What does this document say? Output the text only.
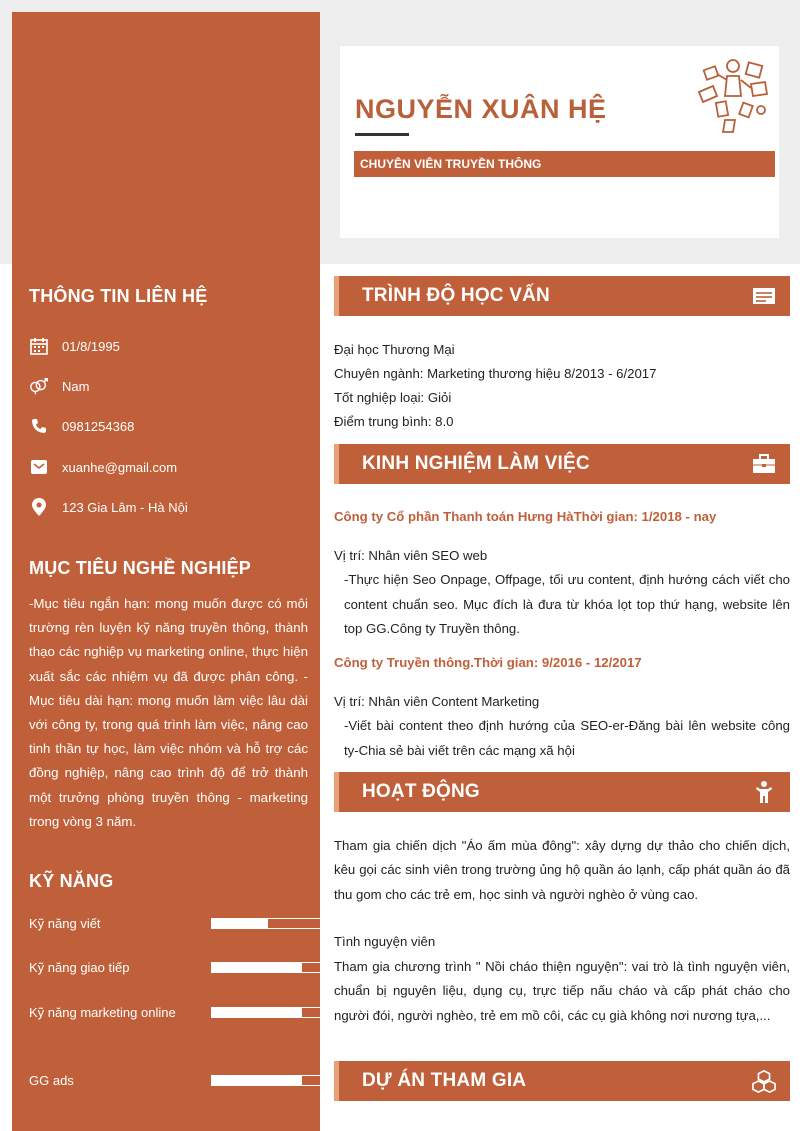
THÔNG TIN LIÊN HỆ
01/8/1995
Nam
0981254368
xuanhe@gmail.com
123 Gia Lâm - Hà Nội
MỤC TIÊU NGHỀ NGHIỆP
-Mục tiêu ngắn hạn: mong muốn được có môi trường rèn luyện kỹ năng truyền thông, thành thạo các nghiệp vụ marketing online, thực hiện xuất sắc các nhiệm vụ đã được phân công. -Mục tiêu dài hạn: mong muốn làm việc lâu dài với công ty, trong quá trình làm việc, nâng cao tinh thần tự học, làm việc nhóm và hỗ trợ các đồng nghiệp, nâng cao trình độ để trở thành một trưởng phòng truyền thông - marketing trong vòng 3 năm.
KỸ NĂNG
Kỹ năng viết
Kỹ năng giao tiếp
Kỹ năng marketing online
GG ads
NGUYỄN XUÂN HỆ
CHUYÊN VIÊN TRUYỀN THÔNG
TRÌNH ĐỘ HỌC VẤN
Đại học Thương Mại
Chuyên ngành: Marketing thương hiệu 8/2013 - 6/2017
Tốt nghiệp loại: Giỏi
Điểm trung bình: 8.0
KINH NGHIỆM LÀM VIỆC
Công ty Cổ phần Thanh toán Hưng HàThời gian: 1/2018 - nay
Vị trí: Nhân viên SEO web
-Thực hiện Seo Onpage, Offpage, tối ưu content, định hướng cách viết cho content chuẩn seo. Mục đích là đưa từ khóa lọt top thứ hạng, website lên top GG.Công ty Truyền thông.
Công ty Truyền thông.Thời gian: 9/2016 - 12/2017
Vị trí: Nhân viên Content Marketing
-Viết bài content theo định hướng của SEO-er-Đăng bài lên website công ty-Chia sẻ bài viết trên các mạng xã hội
HOẠT ĐỘNG
Tham gia chiến dịch "Áo ấm mùa đông": xây dựng dự thảo cho chiến dịch, kêu gọi các sinh viên trong trường ủng hộ quần áo lạnh, cấp phát quần áo đã thu gom cho các trẻ em, học sinh và người nghèo ở vùng cao.
Tình nguyện viên
Tham gia chương trình " Nồi cháo thiện nguyện": vai trò là tình nguyện viên, chuẩn bị nguyên liệu, dụng cụ, trực tiếp nấu cháo và cấp phát cháo cho người đói, người nghèo, trẻ em mồ côi, các cụ già không nơi nương tựa,...
DỰ ÁN THAM GIA
